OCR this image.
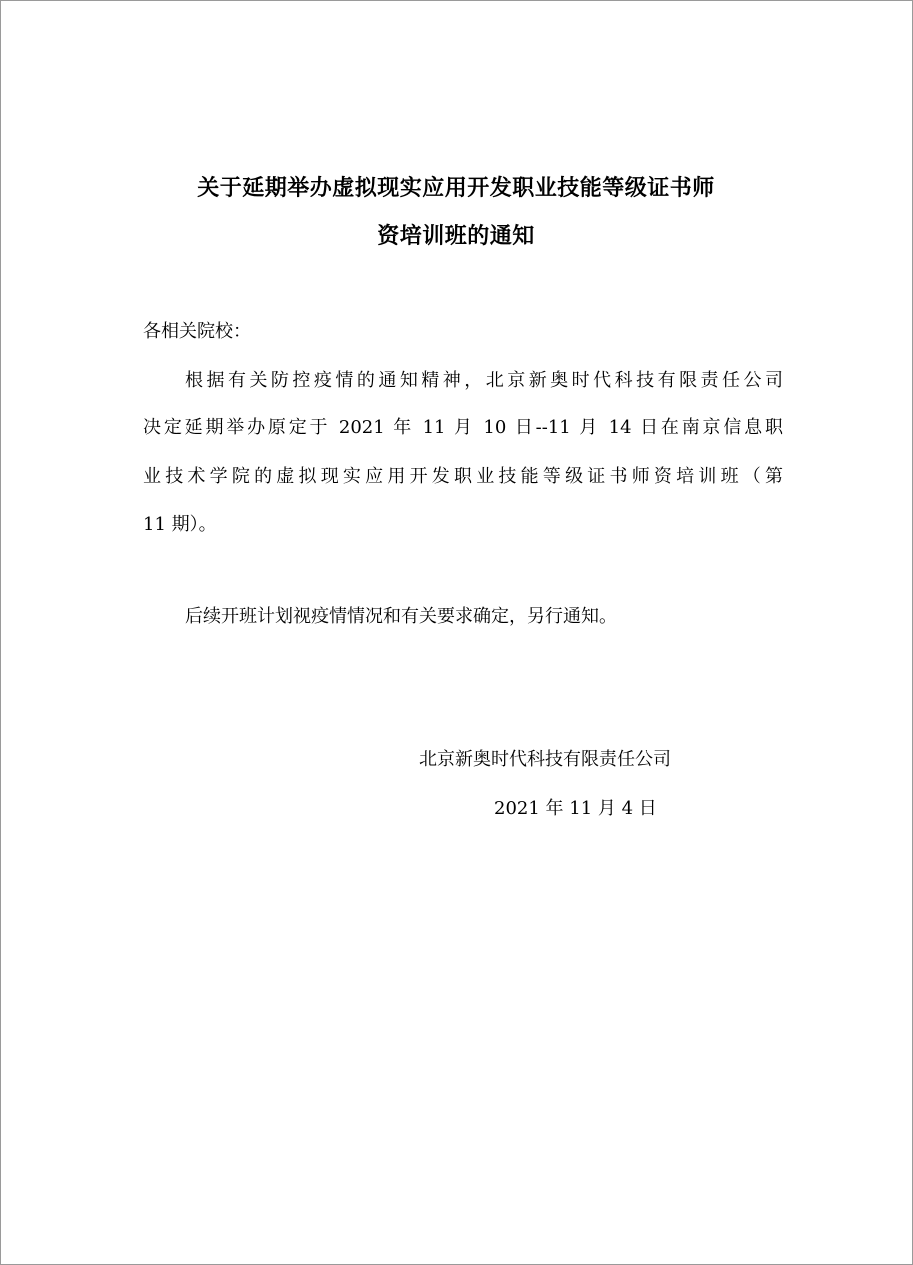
关于延期举办虚拟现实应用开发职业技能等级证书师
资培训班的通知

各相关院校：

根据有关防控疫情的通知精神，北京新奥时代科技有限责任公司

决定延期举办原定于 2021 年 11 月 10 日--11 月 14 日在南京信息职

业技术学院的虚拟现实应用开发职业技能等级证书师资培训班（第

11 期）。

后续开班计划视疫情情况和有关要求确定，另行通知。

北京新奥时代科技有限责任公司

2021 年 11 月 4 日
